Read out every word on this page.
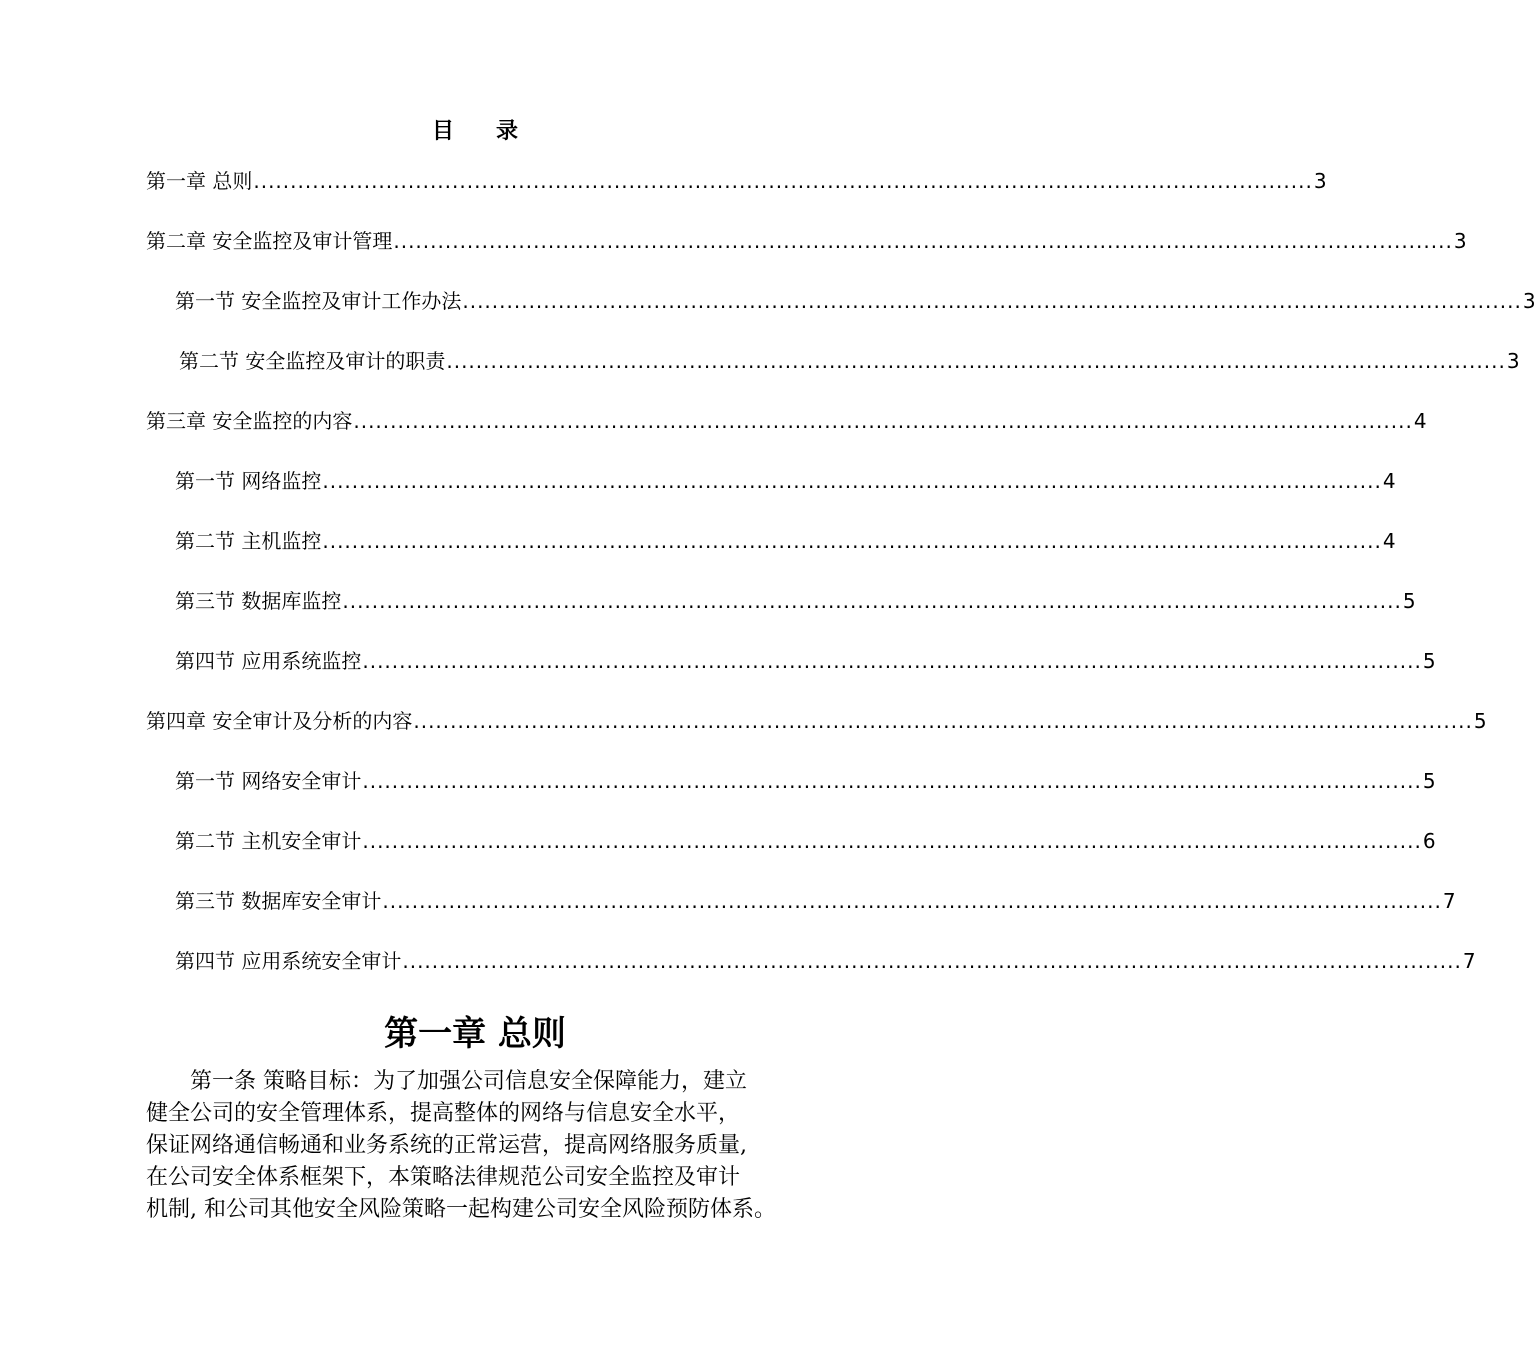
目 录
第一章 总则 ................................................................................................................................................ 3
第二章 安全监控及审计管理 ................................................................................................................................................ 3
第一节 安全监控及审计工作办法 ................................................................................................................................................ 3
第二节 安全监控及审计的职责 ................................................................................................................................................ 3
第三章 安全监控的内容 ................................................................................................................................................ 4
第一节 网络监控 ................................................................................................................................................ 4
第二节 主机监控 ................................................................................................................................................ 4
第三节 数据库监控 ................................................................................................................................................ 5
第四节 应用系统监控 ................................................................................................................................................ 5
第四章 安全审计及分析的内容 ................................................................................................................................................ 5
第一节 网络安全审计 ................................................................................................................................................ 5
第二节 主机安全审计 ................................................................................................................................................ 6
第三节 数据库安全审计 ................................................................................................................................................ 7
第四节 应用系统安全审计 ................................................................................................................................................ 7
第一章 总则
　　第一条 策略目标：为了加强公司信息安全保障能力，建立
健全公司的安全管理体系，提高整体的网络与信息安全水平，
保证网络通信畅通和业务系统的正常运营，提高网络服务质量,
在公司安全体系框架下，本策略法律规范公司安全监控及审计
机制, 和公司其他安全风险策略一起构建公司安全风险预防体系。
